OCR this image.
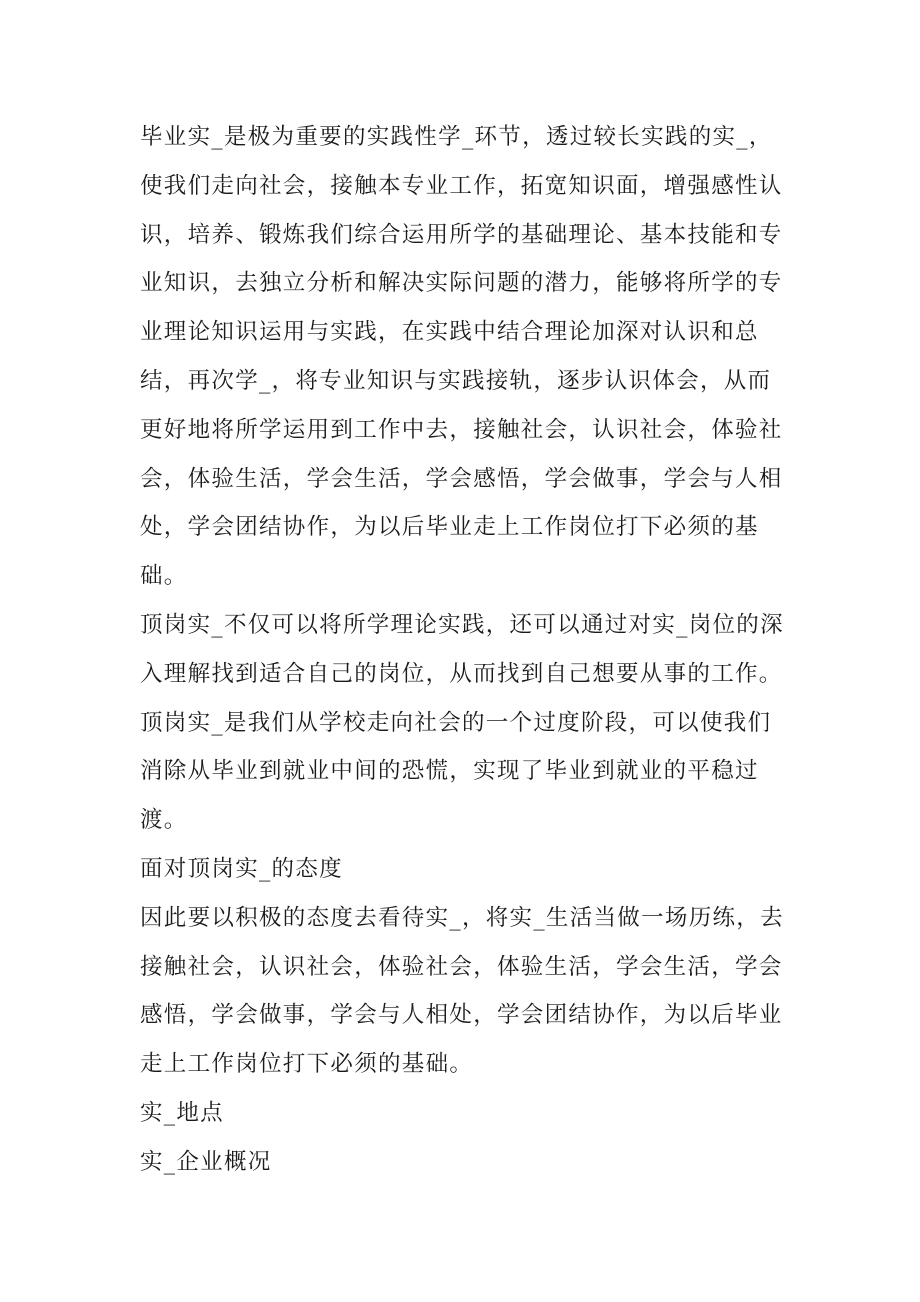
毕业实_是极为重要的实践性学_环节，透过较长实践的实_，使我们走向社会，接触本专业工作，拓宽知识面，增强感性认识，培养、锻炼我们综合运用所学的基础理论、基本技能和专业知识，去独立分析和解决实际问题的潜力，能够将所学的专业理论知识运用与实践，在实践中结合理论加深对认识和总结，再次学_，将专业知识与实践接轨，逐步认识体会，从而更好地将所学运用到工作中去，接触社会，认识社会，体验社会，体验生活，学会生活，学会感悟，学会做事，学会与人相处，学会团结协作，为以后毕业走上工作岗位打下必须的基础。

顶岗实_不仅可以将所学理论实践，还可以通过对实_岗位的深入理解找到适合自己的岗位，从而找到自己想要从事的工作。顶岗实_是我们从学校走向社会的一个过度阶段，可以使我们消除从毕业到就业中间的恐慌，实现了毕业到就业的平稳过渡。

面对顶岗实_的态度

因此要以积极的态度去看待实_，将实_生活当做一场历练，去接触社会，认识社会，体验社会，体验生活，学会生活，学会感悟，学会做事，学会与人相处，学会团结协作，为以后毕业走上工作岗位打下必须的基础。

实_地点

实_企业概况
